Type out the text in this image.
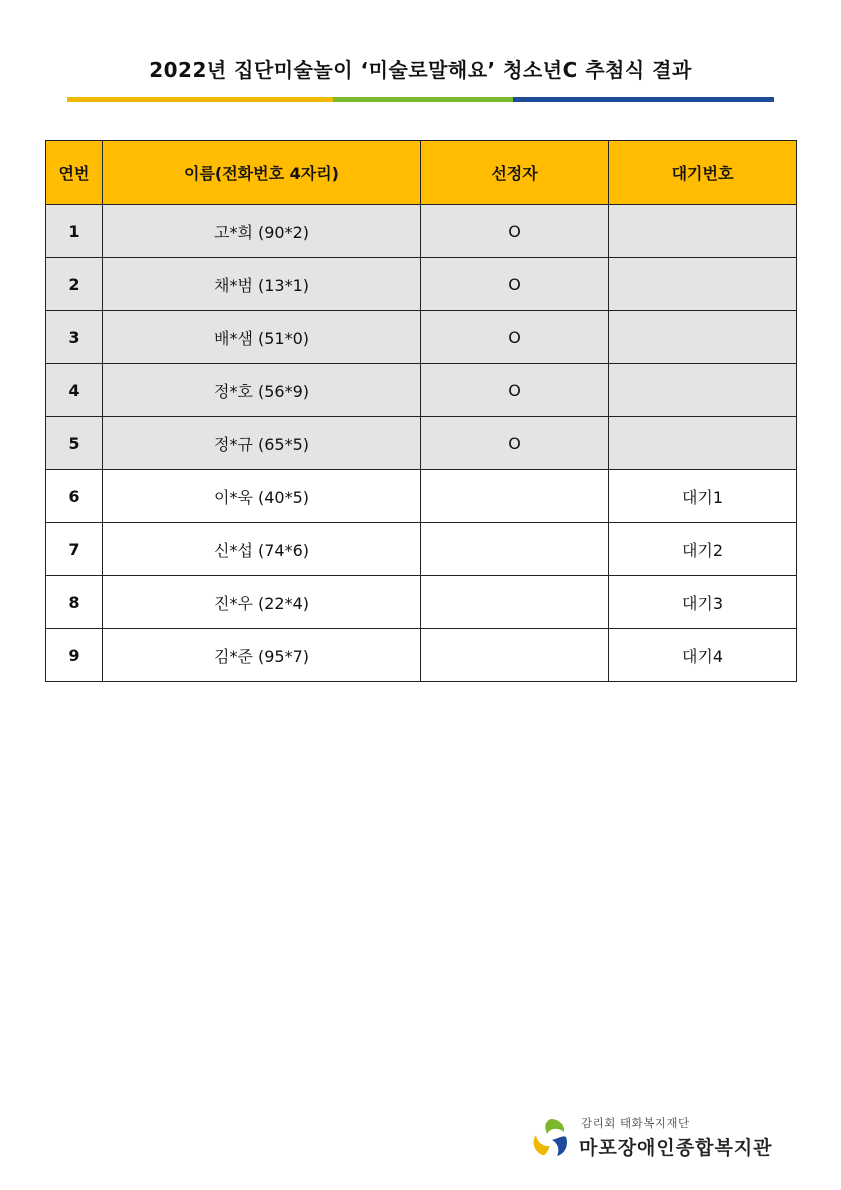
2022년 집단미술놀이 ‘미술로말해요’ 청소년C 추첨식 결과
연번	이름(전화번호 4자리)	선정자	대기번호
1	고*희 (90*2)	O	
2	채*범 (13*1)	O	
3	배*샘 (51*0)	O	
4	정*호 (56*9)	O	
5	정*규 (65*5)	O	
6	이*욱 (40*5)		대기1
7	신*섭 (74*6)		대기2
8	진*우 (22*4)		대기3
9	김*준 (95*7)		대기4
감리회 태화복지재단
마포장애인종합복지관
